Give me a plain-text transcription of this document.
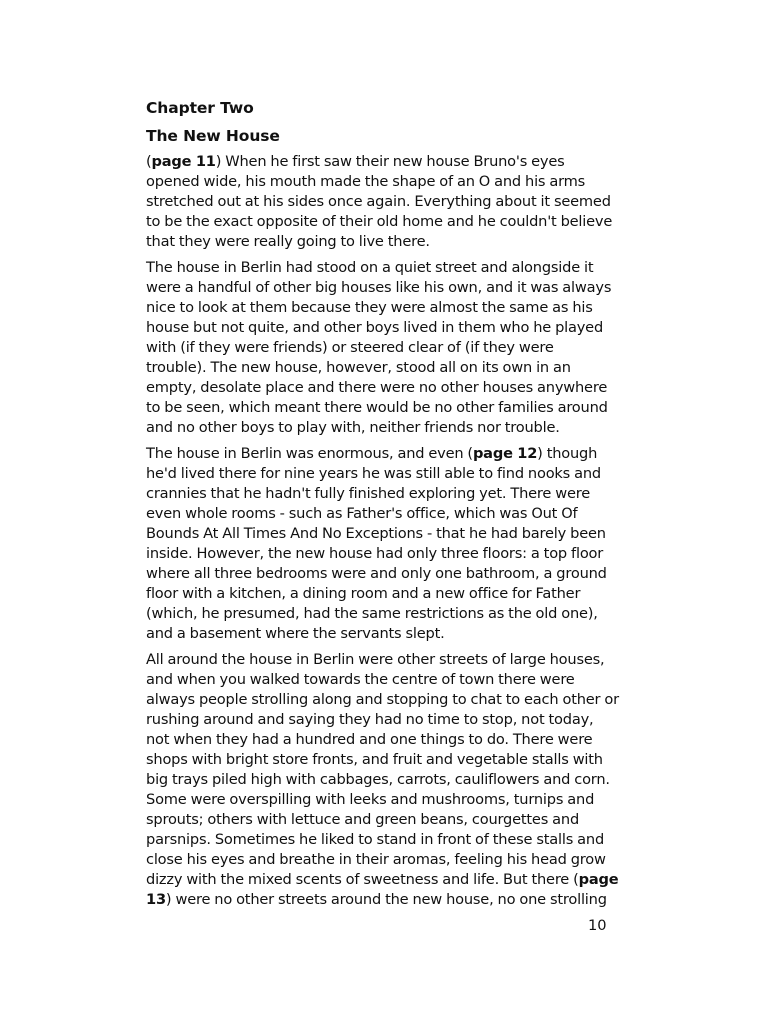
Chapter Two
The New House

(page 11) When he first saw their new house Bruno's eyes
opened wide, his mouth made the shape of an O and his arms
stretched out at his sides once again. Everything about it seemed
to be the exact opposite of their old home and he couldn't believe
that they were really going to live there.

The house in Berlin had stood on a quiet street and alongside it
were a handful of other big houses like his own, and it was always
nice to look at them because they were almost the same as his
house but not quite, and other boys lived in them who he played
with (if they were friends) or steered clear of (if they were
trouble). The new house, however, stood all on its own in an
empty, desolate place and there were no other houses anywhere
to be seen, which meant there would be no other families around
and no other boys to play with, neither friends nor trouble.

The house in Berlin was enormous, and even (page 12) though
he'd lived there for nine years he was still able to find nooks and
crannies that he hadn't fully finished exploring yet. There were
even whole rooms - such as Father's office, which was Out Of
Bounds At All Times And No Exceptions - that he had barely been
inside. However, the new house had only three floors: a top floor
where all three bedrooms were and only one bathroom, a ground
floor with a kitchen, a dining room and a new office for Father
(which, he presumed, had the same restrictions as the old one),
and a basement where the servants slept.

All around the house in Berlin were other streets of large houses,
and when you walked towards the centre of town there were
always people strolling along and stopping to chat to each other or
rushing around and saying they had no time to stop, not today,
not when they had a hundred and one things to do. There were
shops with bright store fronts, and fruit and vegetable stalls with
big trays piled high with cabbages, carrots, cauliflowers and corn.
Some were overspilling with leeks and mushrooms, turnips and
sprouts; others with lettuce and green beans, courgettes and
parsnips. Sometimes he liked to stand in front of these stalls and
close his eyes and breathe in their aromas, feeling his head grow
dizzy with the mixed scents of sweetness and life. But there (page
13) were no other streets around the new house, no one strolling

10
